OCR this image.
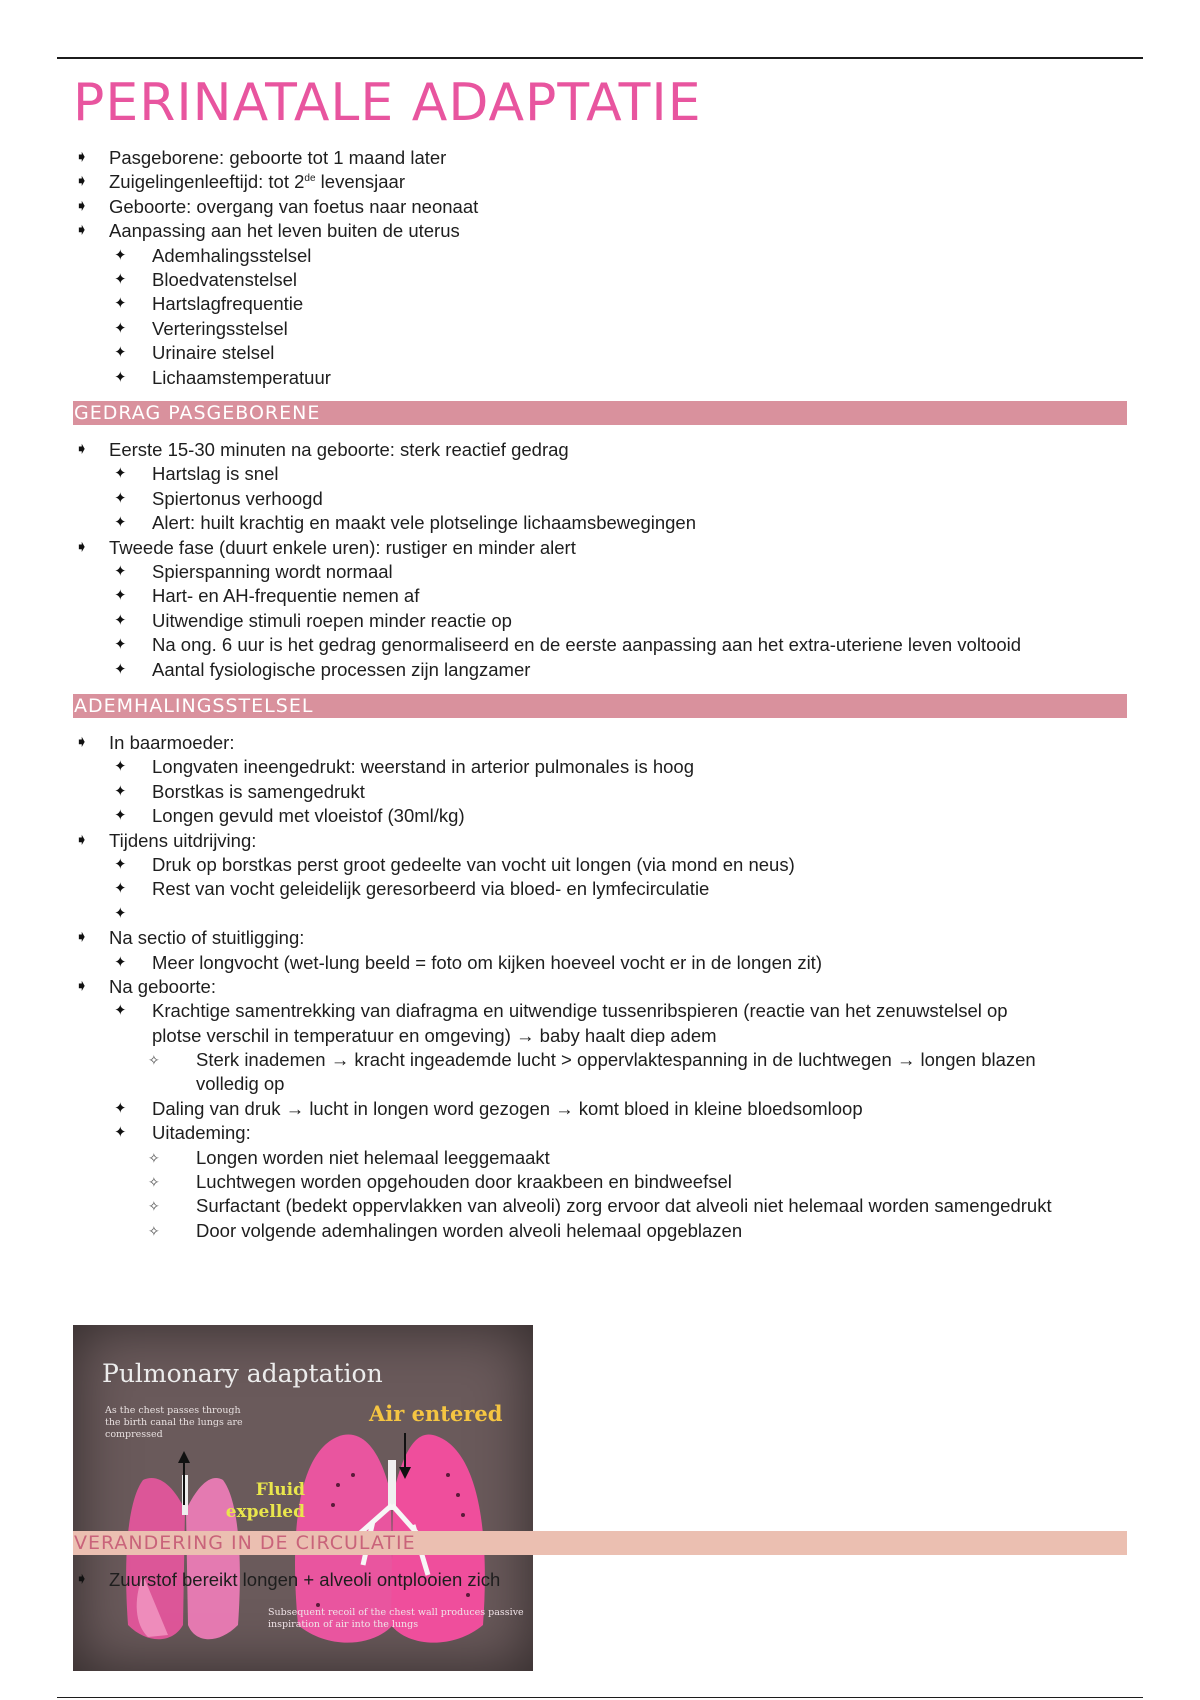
PERINATALE ADAPTATIE
➧ Pasgeborene: geboorte tot 1 maand later
➧ Zuigelingenleeftijd: tot 2de levensjaar
➧ Geboorte: overgang van foetus naar neonaat
➧ Aanpassing aan het leven buiten de uterus
✦ Ademhalingsstelsel
✦ Bloedvatenstelsel
✦ Hartslagfrequentie
✦ Verteringsstelsel
✦ Urinaire stelsel
✦ Lichaamstemperatuur
GEDRAG PASGEBORENE
➧ Eerste 15-30 minuten na geboorte: sterk reactief gedrag
✦ Hartslag is snel
✦ Spiertonus verhoogd
✦ Alert: huilt krachtig en maakt vele plotselinge lichaamsbewegingen
➧ Tweede fase (duurt enkele uren): rustiger en minder alert
✦ Spierspanning wordt normaal
✦ Hart- en AH-frequentie nemen af
✦ Uitwendige stimuli roepen minder reactie op
✦ Na ong. 6 uur is het gedrag genormaliseerd en de eerste aanpassing aan het extra-uteriene leven voltooid
✦ Aantal fysiologische processen zijn langzamer
ADEMHALINGSSTELSEL
➧ In baarmoeder:
✦ Longvaten ineengedrukt: weerstand in arterior pulmonales is hoog
✦ Borstkas is samengedrukt
✦ Longen gevuld met vloeistof (30ml/kg)
➧ Tijdens uitdrijving:
✦ Druk op borstkas perst groot gedeelte van vocht uit longen (via mond en neus)
✦ Rest van vocht geleidelijk geresorbeerd via bloed- en lymfecirculatie
✦
➧ Na sectio of stuitligging:
✦ Meer longvocht (wet-lung beeld = foto om kijken hoeveel vocht er in de longen zit)
➧ Na geboorte:
✦ Krachtige samentrekking van diafragma en uitwendige tussenribspieren (reactie van het zenuwstelsel op
plotse verschil in temperatuur en omgeving) → baby haalt diep adem
✧ Sterk inademen → kracht ingeademde lucht > oppervlaktespanning in de luchtwegen → longen blazen
volledig op
✦ Daling van druk → lucht in longen word gezogen → komt bloed in kleine bloedsomloop
✦ Uitademing:
✧ Longen worden niet helemaal leeggemaakt
✧ Luchtwegen worden opgehouden door kraakbeen en bindweefsel
✧ Surfactant (bedekt oppervlakken van alveoli) zorg ervoor dat alveoli niet helemaal worden samengedrukt
✧ Door volgende ademhalingen worden alveoli helemaal opgeblazen
Pulmonary adaptation
As the chest passes through the birth canal the lungs are compressed
Air entered
Fluid expelled
Subsequent recoil of the chest wall produces passive inspiration of air into the lungs
VERANDERING IN DE CIRCULATIE
➧ Zuurstof bereikt longen + alveoli ontplooien zich
